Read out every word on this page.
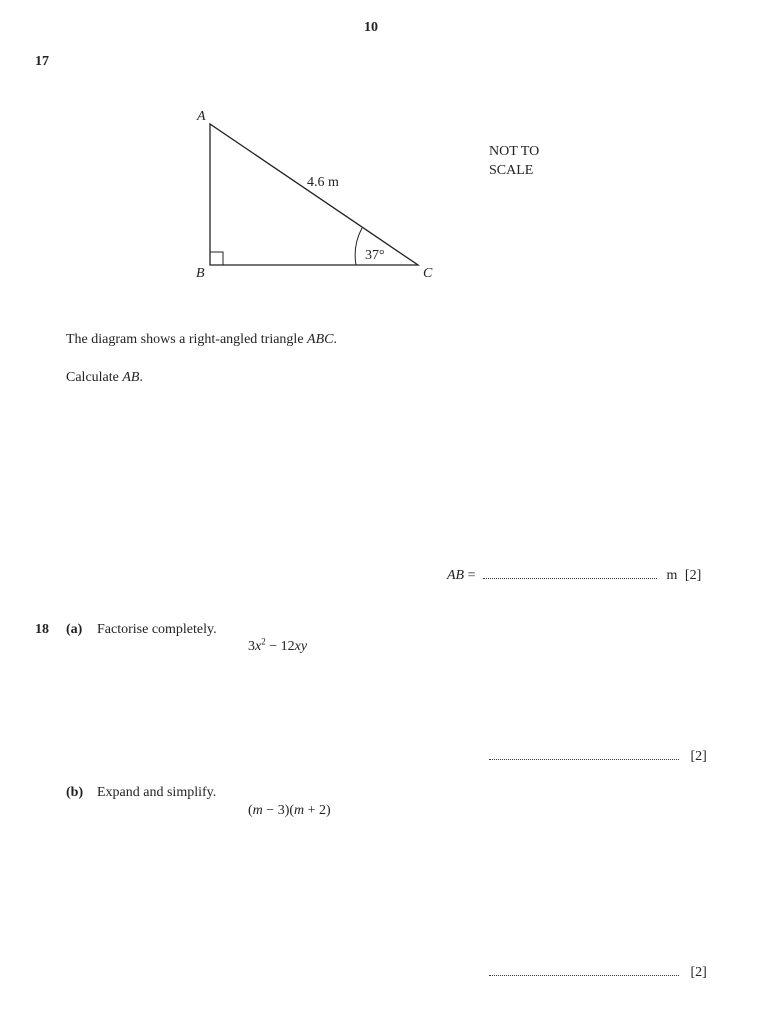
10
17
A
B	C
4.6 m
37°
NOT TO
SCALE
The diagram shows a right-angled triangle ABC.
Calculate AB.
AB =	m [2]
18 (a) Factorise completely.
$3x^2 - 12xy$
[2]
(b) Expand and simplify.
(m − 3)(m + 2)
[2]
